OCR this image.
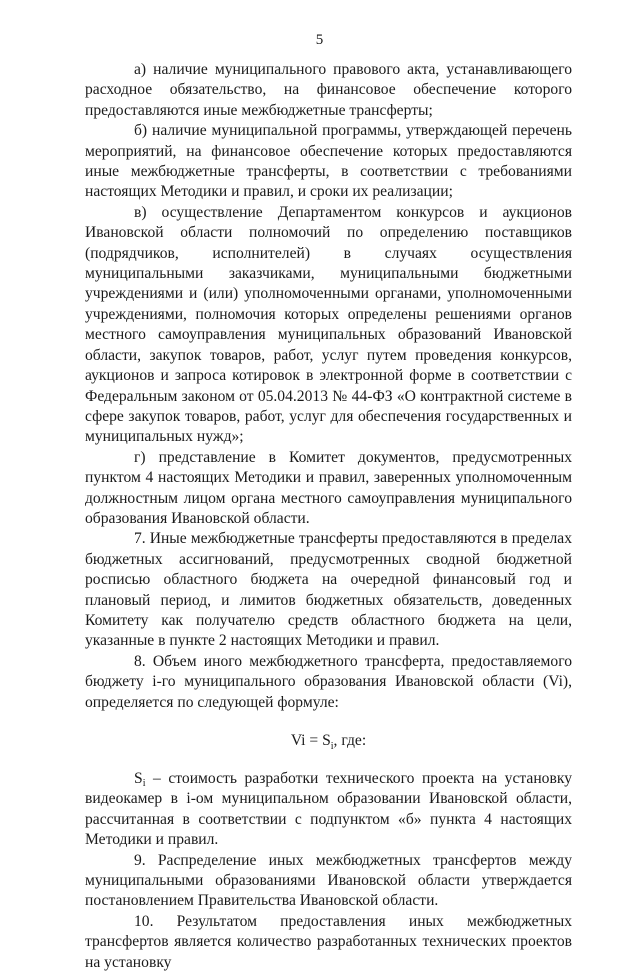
5

а) наличие муниципального правового акта, устанавливающего расходное обязательство, на финансовое обеспечение которого предоставляются иные межбюджетные трансферты;

б) наличие муниципальной программы, утверждающей перечень мероприятий, на финансовое обеспечение которых предоставляются иные межбюджетные трансферты, в соответствии с требованиями настоящих Методики и правил, и сроки их реализации;

в) осуществление Департаментом конкурсов и аукционов Ивановской области полномочий по определению поставщиков (подрядчиков, исполнителей) в случаях осуществления муниципальными заказчиками, муниципальными бюджетными учреждениями и (или) уполномоченными органами, уполномоченными учреждениями, полномочия которых определены решениями органов местного самоуправления муниципальных образований Ивановской области, закупок товаров, работ, услуг путем проведения конкурсов, аукционов и запроса котировок в электронной форме в соответствии с Федеральным законом от 05.04.2013 № 44-ФЗ «О контрактной системе в сфере закупок товаров, работ, услуг для обеспечения государственных и муниципальных нужд»;

г) представление в Комитет документов, предусмотренных пунктом 4 настоящих Методики и правил, заверенных уполномоченным должностным лицом органа местного самоуправления муниципального образования Ивановской области.

7. Иные межбюджетные трансферты предоставляются в пределах бюджетных ассигнований, предусмотренных сводной бюджетной росписью областного бюджета на очередной финансовый год и плановый период, и лимитов бюджетных обязательств, доведенных Комитету как получателю средств областного бюджета на цели, указанные в пункте 2 настоящих Методики и правил.

8. Объем иного межбюджетного трансферта, предоставляемого бюджету i-го муниципального образования Ивановской области (Vi), определяется по следующей формуле:

$Vi = S_i$, где:

Si – стоимость разработки технического проекта на установку видеокамер в i-ом муниципальном образовании Ивановской области, рассчитанная в соответствии с подпунктом «б» пункта 4 настоящих Методики и правил.

9. Распределение иных межбюджетных трансфертов между муниципальными образованиями Ивановской области утверждается постановлением Правительства Ивановской области.

10. Результатом предоставления иных межбюджетных трансфертов является количество разработанных технических проектов на установку
